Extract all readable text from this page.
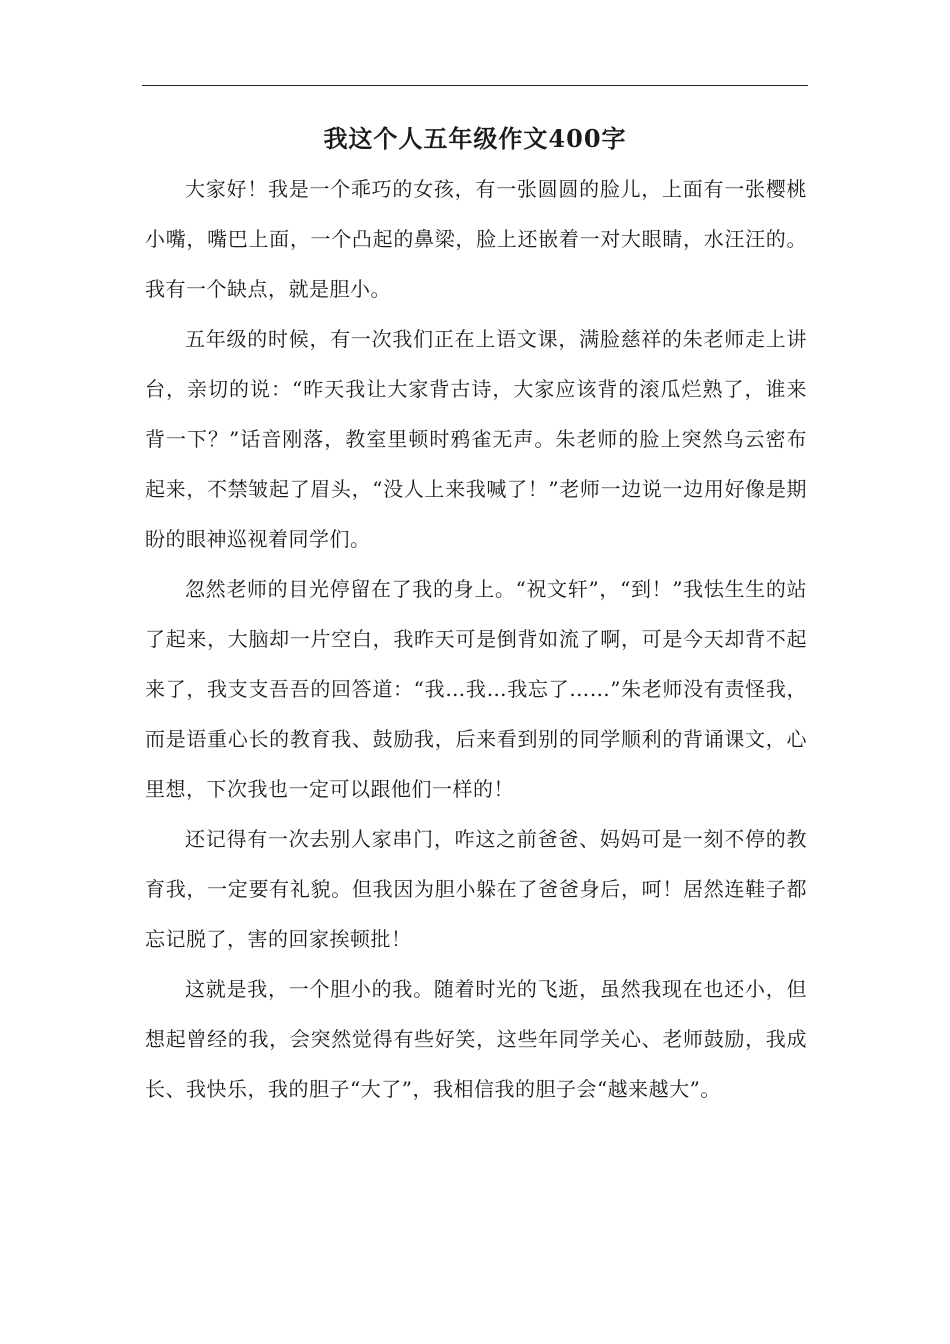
我这个人五年级作文400字

大家好！我是一个乖巧的女孩，有一张圆圆的脸儿，上面有一张樱桃小嘴，嘴巴上面，一个凸起的鼻梁，脸上还嵌着一对大眼睛，水汪汪的。我有一个缺点，就是胆小。

五年级的时候，有一次我们正在上语文课，满脸慈祥的朱老师走上讲台，亲切的说：“昨天我让大家背古诗，大家应该背的滚瓜烂熟了，谁来背一下？”话音刚落，教室里顿时鸦雀无声。朱老师的脸上突然乌云密布起来，不禁皱起了眉头，“没人上来我喊了！”老师一边说一边用好像是期盼的眼神巡视着同学们。

忽然老师的目光停留在了我的身上。“祝文轩”，“到！”我怯生生的站了起来，大脑却一片空白，我昨天可是倒背如流了啊，可是今天却背不起来了，我支支吾吾的回答道：“我…我…我忘了……”朱老师没有责怪我，而是语重心长的教育我、鼓励我，后来看到别的同学顺利的背诵课文，心里想，下次我也一定可以跟他们一样的！

还记得有一次去别人家串门，咋这之前爸爸、妈妈可是一刻不停的教育我，一定要有礼貌。但我因为胆小躲在了爸爸身后，呵！居然连鞋子都忘记脱了，害的回家挨顿批！

这就是我，一个胆小的我。随着时光的飞逝，虽然我现在也还小，但想起曾经的我，会突然觉得有些好笑，这些年同学关心、老师鼓励，我成长、我快乐，我的胆子“大了”，我相信我的胆子会“越来越大”。
